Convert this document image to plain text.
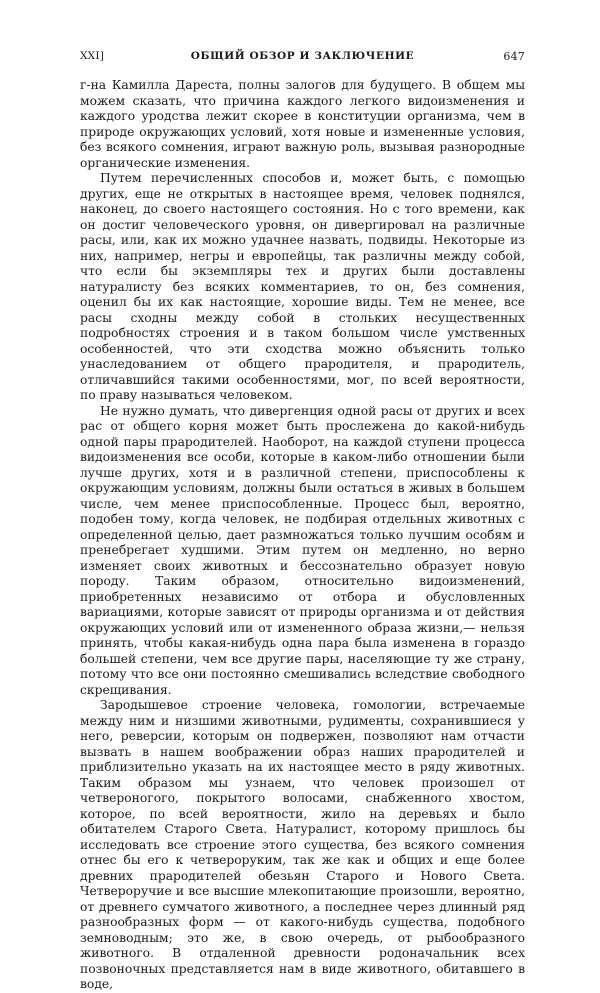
XXI]	ОБЩИЙ ОБЗОР И ЗАКЛЮЧЕНИЕ	647

г-на Камилла Дареста, полны залогов для будущего. В общем мы можем сказать, что причина каждого легкого видоизменения и каждого уродства лежит скорее в конституции организма, чем в природе окружающих условий, хотя новые и измененные условия, без всякого сомнения, играют важную роль, вызывая разнородные органические изменения.

Путем перечисленных способов и, может быть, с помощью других, еще не открытых в настоящее время, человек поднялся, наконец, до своего настоящего состояния. Но с того времени, как он достиг человеческого уровня, он дивергировал на различные расы, или, как их можно удачнее назвать, подвиды. Некоторые из них, например, негры и европейцы, так различны между собой, что если бы экземпляры тех и других были доставлены натуралисту без всяких комментариев, то он, без сомнения, оценил бы их как настоящие, хорошие виды. Тем не менее, все расы сходны между собой в стольких несущественных подробностях строения и в таком большом числе умственных особенностей, что эти сходства можно объяснить только унаследованием от общего прародителя, и прародитель, отличавшийся такими особенностями, мог, по всей вероятности, по праву называться человеком.

Не нужно думать, что дивергенция одной расы от других и всех рас от общего корня может быть прослежена до какой-нибудь одной пары прародителей. Наоборот, на каждой ступени процесса видоизменения все особи, которые в каком-либо отношении были лучше других, хотя и в различной степени, приспособлены к окружающим условиям, должны были остаться в живых в большем числе, чем менее приспособленные. Процесс был, вероятно, подобен тому, когда человек, не подбирая отдельных животных с определенной целью, дает размножаться только лучшим особям и пренебрегает худшими. Этим путем он медленно, но верно изменяет своих животных и бессознательно образует новую породу. Таким образом, относительно видоизменений, приобретенных независимо от отбора и обусловленных вариациями, которые зависят от природы организма и от действия окружающих условий или от измененного образа жизни,— нельзя принять, чтобы какая-нибудь одна пара была изменена в гораздо большей степени, чем все другие пары, населяющие ту же страну, потому что все они постоянно смешивались вследствие свободного скрещивания.

Зародышевое строение человека, гомологии, встречаемые между ним и низшими животными, рудименты, сохранившиеся у него, реверсии, которым он подвержен, позволяют нам отчасти вызвать в нашем воображении образ наших прародителей и приблизительно указать на их настоящее место в ряду животных. Таким образом мы узнаем, что человек произошел от четвероногого, покрытого волосами, снабженного хвостом, которое, по всей вероятности, жило на деревьях и было обитателем Старого Света. Натуралист, которому пришлось бы исследовать все строение этого существа, без всякого сомнения отнес бы его к четвероруким, так же как и общих и еще более древних прародителей обезьян Старого и Нового Света. Четвероручие и все высшие млекопитающие произошли, вероятно, от древнего сумчатого животного, а последнее через длинный ряд разнообразных форм — от какого-нибудь существа, подобного земноводным; это же, в свою очередь, от рыбообразного животного. В отдаленной древности родоначальник всех позвоночных представляется нам в виде животного, обитавшего в воде,
